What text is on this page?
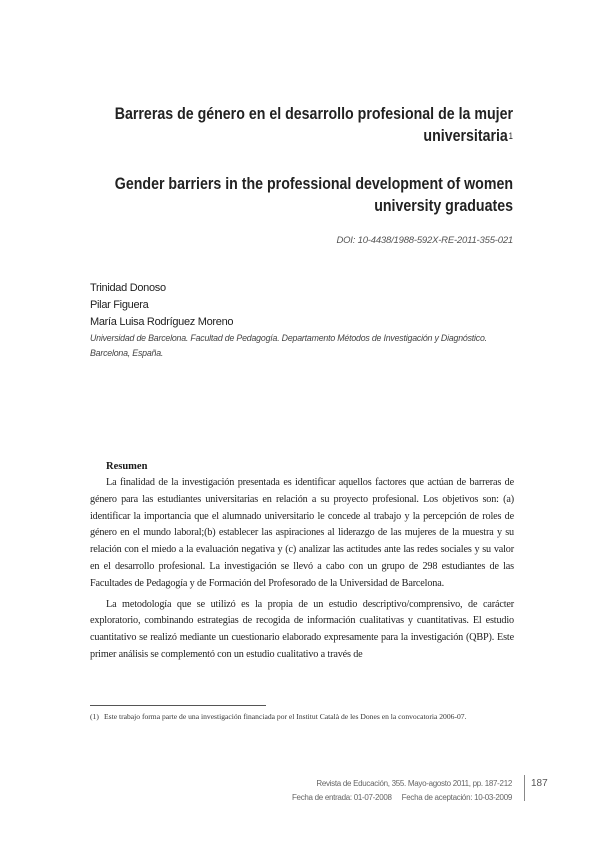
Barreras de género en el desarrollo profesional de la mujer universitaria$^1$
Gender barriers in the professional development of women university graduates
DOI: 10-4438/1988-592X-RE-2011-355-021
Trinidad Donoso
Pilar Figuera
María Luisa Rodríguez Moreno
Universidad de Barcelona. Facultad de Pedagogía. Departamento Métodos de Investigación y Diagnóstico. Barcelona, España.
Resumen

La finalidad de la investigación presentada es identificar aquellos factores que actúan de barreras de género para las estudiantes universitarias en relación a su proyecto profesional. Los objetivos son: (a) identificar la importancia que el alumnado universitario le concede al trabajo y la percepción de roles de género en el mundo laboral;(b) establecer las aspiraciones al liderazgo de las mujeres de la muestra y su relación con el miedo a la evaluación negativa y (c) analizar las actitudes ante las redes sociales y su valor en el desarrollo profesional. La investigación se llevó a cabo con un grupo de 298 estudiantes de las Facultades de Pedagogía y de Formación del Profesorado de la Universidad de Barcelona.

La metodología que se utilizó es la propia de un estudio descriptivo/comprensivo, de carácter exploratorio, combinando estrategias de recogida de información cualitativas y cuantitativas. El estudio cuantitativo se realizó mediante un cuestionario elaborado expresamente para la investigación (QBP). Este primer análisis se complementó con un estudio cualitativo a través de

(1) Este trabajo forma parte de una investigación financiada por el Institut Català de les Dones en la convocatoria 2006-07.
Revista de Educación, 355. Mayo-agosto 2011, pp. 187-212
Fecha de entrada: 01-07-2008 Fecha de aceptación: 10-03-2009
187
